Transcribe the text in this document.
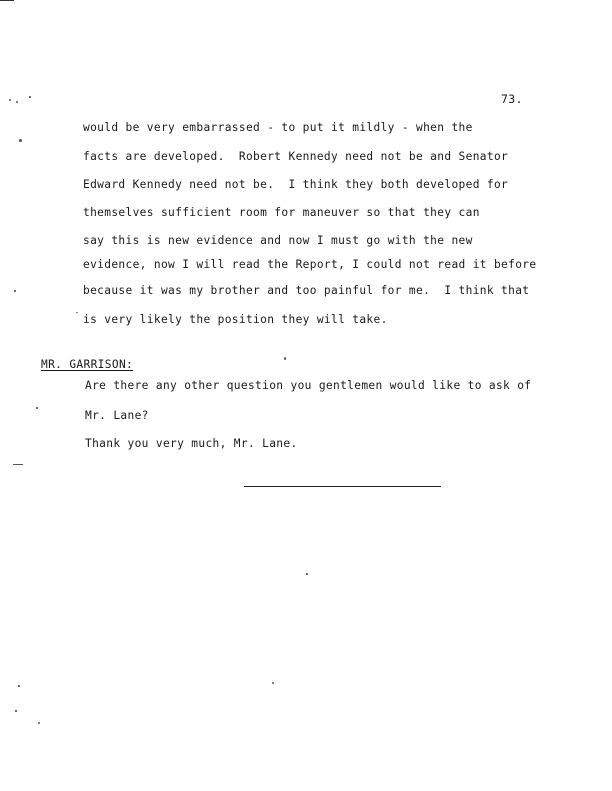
73.
would be very embarrassed - to put it mildly - when the
facts are developed.  Robert Kennedy need not be and Senator
Edward Kennedy need not be.  I think they both developed for
themselves sufficient room for maneuver so that they can
say this is new evidence and now I must go with the new
evidence, now I will read the Report, I could not read it before
because it was my brother and too painful for me.  I think that
is very likely the position they will take.
MR. GARRISON:
Are there any other question you gentlemen would like to ask of
Mr. Lane?
Thank you very much, Mr. Lane.
